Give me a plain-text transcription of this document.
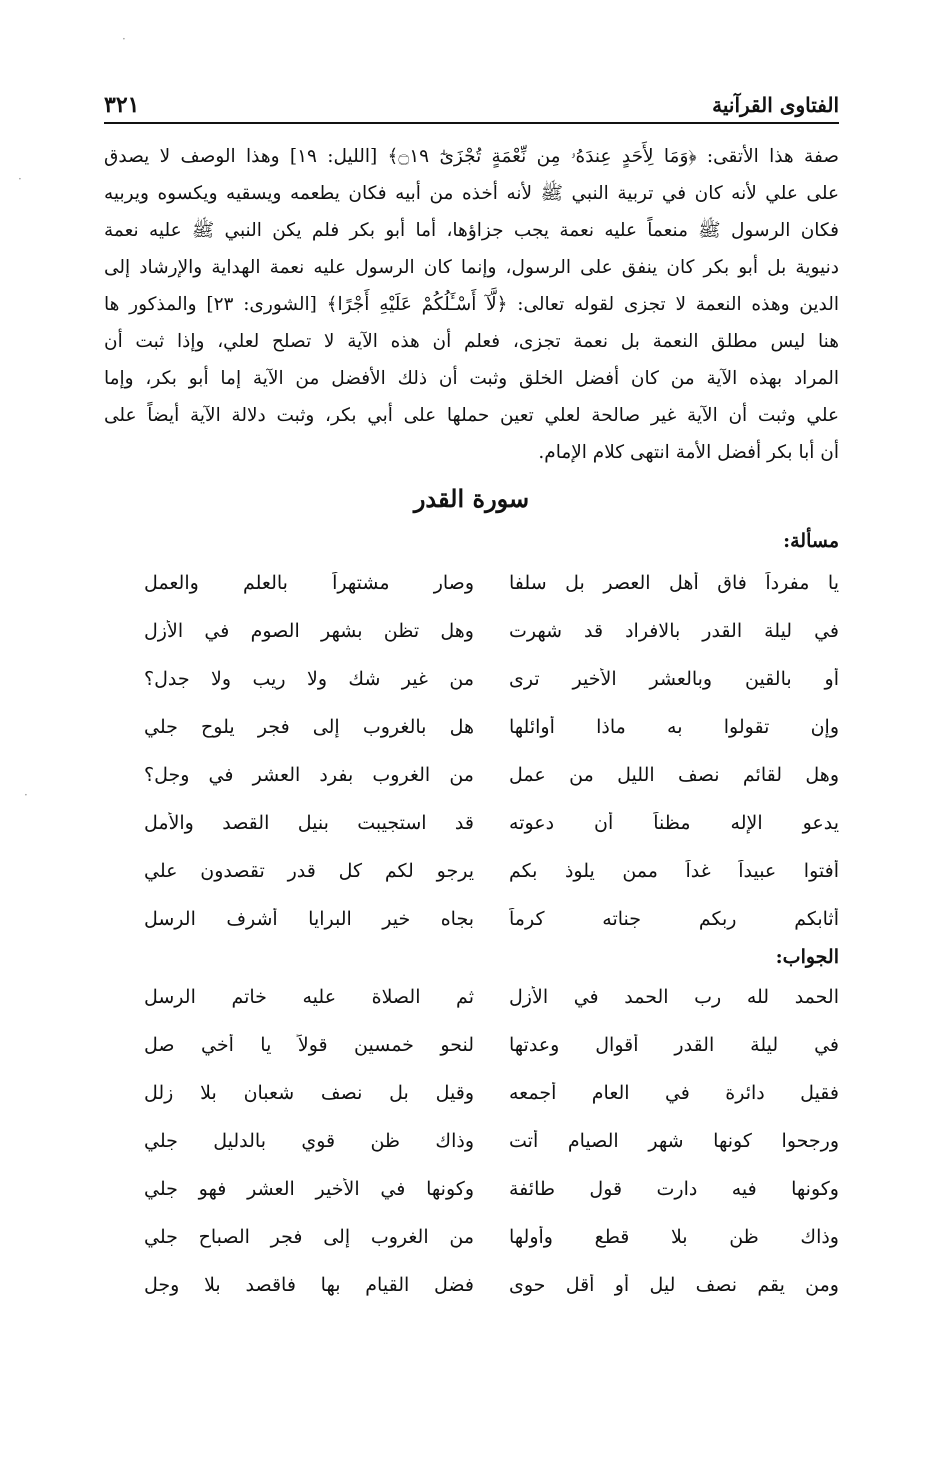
·
·
·
الفتاوى القرآنية
٣٢١
صفة هذا الأتقى: ﴿وَمَا لِأَحَدٍ عِندَهُۥ مِن نِّعْمَةٍ تُجْزَىٰٓ ۝١٩﴾ [الليل: ١٩] وهذا الوصف لا يصدق
على علي لأنه كان في تربية النبي ﷺ لأنه أخذه من أبيه فكان يطعمه ويسقيه ويكسوه ويربيه
فكان الرسول ﷺ منعماً عليه نعمة يجب جزاؤها، أما أبو بكر فلم يكن النبي ﷺ عليه نعمة
دنيوية بل أبو بكر كان ينفق على الرسول، وإنما كان الرسول عليه نعمة الهداية والإرشاد إلى
الدين وهذه النعمة لا تجزى لقوله تعالى: ﴿لَّآ أَسْـَٔلُكُمْ عَلَيْهِ أَجْرًا﴾ [الشورى: ٢٣] والمذكور ها
هنا ليس مطلق النعمة بل نعمة تجزى، فعلم أن هذه الآية لا تصلح لعلي، وإذا ثبت أن
المراد بهذه الآية من كان أفضل الخلق وثبت أن ذلك الأفضل من الآية إما أبو بكر، وإما
علي وثبت أن الآية غير صالحة لعلي تعين حملها على أبي بكر، وثبت دلالة الآية أيضاً على
أن أبا بكر أفضل الأمة انتهى كلام الإمام.
سورة القدر
مسألة:
يا مفرداً فاق أهل العصر بل سلفا
وصار مشتهراً بالعلم والعمل
في ليلة القدر بالافراد قد شهرت
وهل تظن بشهر الصوم في الأزل
أو بالقين وبالعشر الأخير ترى
من غير شك ولا ريب ولا جدل؟
وإن تقولوا به ماذا أوائلها
هل بالغروب إلى فجر يلوح جلي
وهل لقائم نصف الليل من عمل
من الغروب بفرد العشر في وجل؟
يدعو الإله مظناً أن دعوته
قد استجيبت بنيل القصد والأمل
أفتوا عبيداً غداً ممن يلوذ بكم
يرجو لكم كل قدر تقصدون علي
أثابكم ربكم جناته كرماً
بجاه خير البرايا أشرف الرسل
الجواب:
الحمد لله رب الحمد في الأزل
ثم الصلاة عليه خاتم الرسل
في ليلة القدر أقوال وعدتها
لنحو خمسين قولاً يا أخي صل
فقيل دائرة في العام أجمعه
وقيل بل نصف شعبان بلا زلل
ورجحوا كونها شهر الصيام أتت
وذاك ظن قوي بالدليل جلي
وكونها فيه دارت قول طائفة
وكونها في الأخير العشر فهو جلي
وذاك ظن بلا قطع وأولها
من الغروب إلى فجر الصباح جلي
ومن يقم نصف ليل أو أقل حوى
فضل القيام بها فاقصد بلا وجل
